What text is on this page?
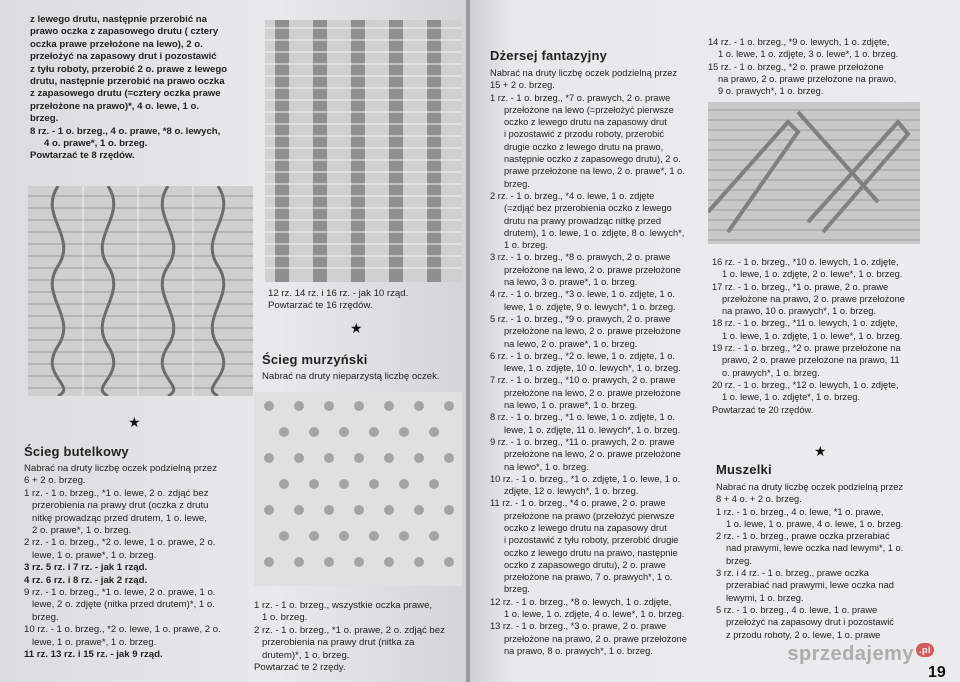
z lewego drutu, następnie przerobić na

prawo oczka z zapasowego drutu ( cztery

oczka prawe przełożone na lewo), 2 o.

przełożyć na zapasowy drut i pozostawić

z tyłu roboty, przerobić 2 o. prawe z lewego

drutu, następnie przerobić na prawo oczka

z zapasowego drutu (=cztery oczka prawe

przełożone na prawo)*, 4 o. lewe, 1 o.

brzeg.

8 rz. - 1 o. brzeg., 4 o. prawe, *8 o. lewych,

4 o. prawe*, 1 o. brzeg.

Powtarzać te 8 rzędów.

★

Ścieg butelkowy

Nabrać na druty liczbę oczek podzielną przez

6 + 2 o. brzeg.

1 rz. - 1 o. brzeg., *1 o. lewe, 2 o. zdjąć bez

przerobienia na prawy drut (oczka z drutu

nitkę prowadząc przed drutem, 1 o. lewe,

2 o. prawe*, 1 o. brzeg.

2 rz. - 1 o. brzeg., *2 o. lewe, 1 o. prawe, 2 o.

lewe, 1 o. prawe*, 1 o. brzeg.

3 rz. 5 rz. i 7 rz. - jak 1 rząd.

4 rz. 6 rz. i 8 rz. - jak 2 rząd.

9 rz. - 1 o. brzeg., *1 o. lewe, 2 o. prawe, 1 o.

lewe, 2 o. zdjęte (nitka przed drutem)*, 1 o.

brzeg.

10 rz. - 1 o. brzeg., *2 o. lewe, 1 o. prawe, 2 o.

lewe, 1 o. prawe*, 1 o. brzeg.

11 rz. 13 rz. i 15 rz. - jak 9 rząd.

12 rz. 14 rz. i 16 rz. - jak 10 rząd.

Powtarzać te 16 rzędów.

★

Ścieg murzyński

Nabrać na druty nieparzystą liczbę oczek.

1 rz. - 1 o. brzeg., wszystkie oczka prawe,

1 o. brzeg.

2 rz. - 1 o. brzeg., *1 o. prawe, 2 o. zdjąć bez

przerobienia na prawy drut (nitka za

drutem)*, 1 o. brzeg.

Powtarzać te 2 rzędy.

Dżersej fantazyjny

Nabrać na druty liczbę oczek podzielną przez

15 + 2 o. brzeg.

1 rz. - 1 o. brzeg., *7 o. prawych, 2 o. prawe

przełożone na lewo (=przełożyć pierwsze

oczko z lewego drutu na zapasowy drut

i pozostawić z przodu roboty, przerobić

drugie oczko z lewego drutu na prawo,

następnie oczko z zapasowego drutu), 2 o.

prawe przełożone na lewo, 2 o. prawe*, 1 o.

brzeg.

2 rz. - 1 o. brzeg., *4 o. lewe, 1 o. zdjęte

(=zdjąć bez przerobienia oczko z lewego

drutu na prawy prowadząc nitkę przed

drutem), 1 o. lewe, 1 o. zdjęte, 8 o. lewych*,

1 o. brzeg.

3 rz. - 1 o. brzeg., *8 o. prawych, 2 o. prawe

przełożone na lewo, 2 o. prawe przełożone

na lewo, 3 o. prawe*, 1 o. brzeg.

4 rz. - 1 o. brzeg., *3 o. lewe, 1 o. zdjęte, 1 o.

lewe, 1 o. zdjęte, 9 o. lewych*, 1 o. brzeg.

5 rz. - 1 o. brzeg., *9 o. prawych, 2 o. prawe

przełożone na lewo, 2 o. prawe przełożone

na lewo, 2 o. prawe*, 1 o. brzeg.

6 rz. - 1 o. brzeg., *2 o. lewe, 1 o. zdjęte, 1 o.

lewe, 1 o. zdjęte, 10 o. lewych*, 1 o. brzeg.

7 rz. - 1 o. brzeg., *10 o. prawych, 2 o. prawe

przełożone na lewo, 2 o. prawe przełożone

na lewo, 1 o. prawe*, 1 o. brzeg.

8 rz. - 1 o. brzeg., *1 o. lewe, 1 o. zdjęte, 1 o.

lewe, 1 o. zdjęte, 11 o. lewych*, 1 o. brzeg.

9 rz. - 1 o. brzeg., *11 o. prawych, 2 o. prawe

przełożone na lewo, 2 o. prawe przełożone

na lewo*, 1 o. brzeg.

10 rz. - 1 o. brzeg., *1 o. zdjęte, 1 o. lewe, 1 o.

zdjęte, 12 o. lewych*, 1 o. brzeg.

11 rz. - 1 o. brzeg., *4 o. prawe, 2 o. prawe

przełożone na prawo (przełożyć pierwsze

oczko z lewego drutu na zapasowy drut

i pozostawić z tyłu roboty, przerobić drugie

oczko z lewego drutu na prawo, następnie

oczko z zapasowego drutu), 2 o. prawe

przełożone na prawo, 7 o. prawych*, 1 o.

brzeg.

12 rz. - 1 o. brzeg., *8 o. lewych, 1 o. zdjęte,

1 o. lewe, 1 o. zdjęte, 4 o. lewe*, 1 o. brzeg.

13 rz. - 1 o. brzeg., *3 o. prawe, 2 o. prawe

przełożone na prawo, 2 o. prawe przełożone

na prawo, 8 o. prawych*, 1 o. brzeg.

14 rz. - 1 o. brzeg., *9 o. lewych, 1 o. zdjęte,

1 o. lewe, 1 o. zdjęte, 3 o. lewe*, 1 o. brzeg.

15 rz. - 1 o. brzeg., *2 o. prawe przełożone

na prawo, 2 o. prawe przełożone na prawo,

9 o. prawych*, 1 o. brzeg.

16 rz. - 1 o. brzeg., *10 o. lewych, 1 o. zdjęte,

1 o. lewe, 1 o. zdjęte, 2 o. lewe*, 1 o. brzeg.

17 rz. - 1 o. brzeg., *1 o. prawe, 2 o. prawe

przełożone na prawo, 2 o. prawe przełożone

na prawo, 10 o. prawych*, 1 o. brzeg.

18 rz. - 1 o. brzeg., *11 o. lewych, 1 o. zdjęte,

1 o. lewe, 1 o. zdjęte, 1 o. lewe*, 1 o. brzeg.

19 rz. - 1 o. brzeg., *2 o. prawe przełożone na

prawo, 2 o. prawe przełożone na prawo, 11

o. prawych*, 1 o. brzeg.

20 rz. - 1 o. brzeg., *12 o. lewych, 1 o. zdjęte,

1 o. lewe, 1 o. zdjęte*, 1 o. brzeg.

Powtarzać te 20 rzędów.

★

Muszelki

Nabrać na druty liczbę oczek podzielną przez

8 + 4 o. + 2 o. brzeg.

1 rz. - 1 o. brzeg., 4 o. lewe, *1 o. prawe,

1 o. lewe, 1 o. prawe, 4 o. lewe, 1 o. brzeg.

2 rz. - 1 o. brzeg., prawe oczka przerabiać

nad prawymi, lewe oczka nad lewymi*, 1 o.

brzeg.

3 rz. i 4 rz. - 1 o. brzeg., prawe oczka

przerabiać nad prawymi, lewe oczka nad

lewymi, 1 o. brzeg.

5 rz. - 1 o. brzeg., 4 o. lewe, 1 o. prawe

przełożyć na zapasowy drut i pozostawić

z przodu roboty, 2 o. lewe, 1 o. prawe

19
sprzedajemy .pl
